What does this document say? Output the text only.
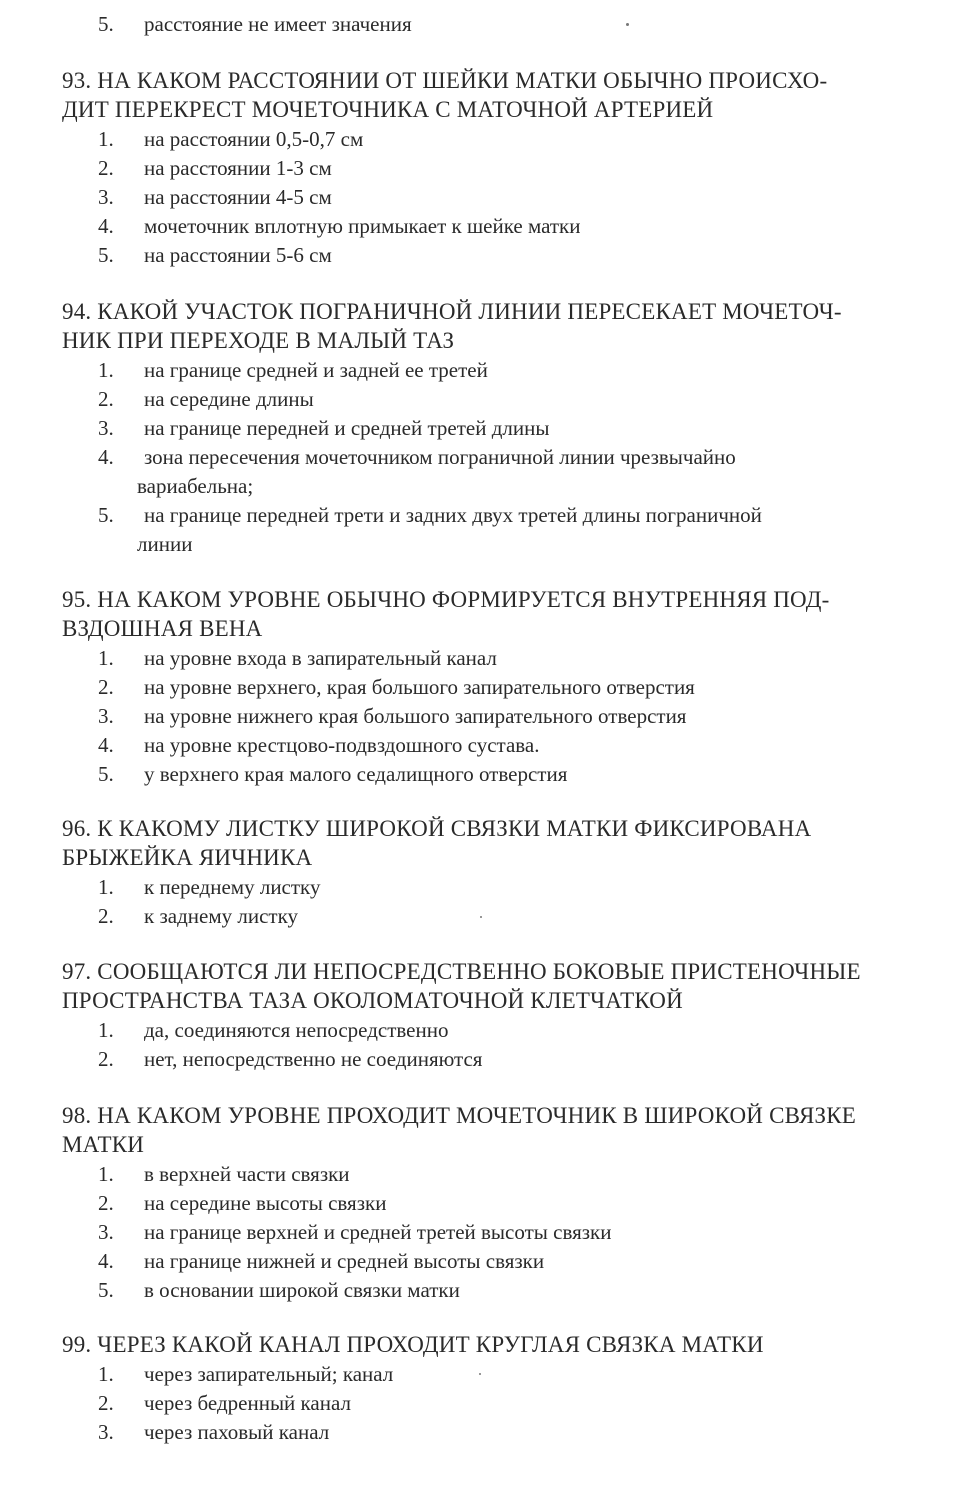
5. расстояние не имеет значения
93. НА КАКОМ РАССТОЯНИИ ОТ ШЕЙКИ МАТКИ ОБЫЧНО ПРОИСХО-
ДИТ ПЕРЕКРЕСТ МОЧЕТОЧНИКА С МАТОЧНОЙ АРТЕРИЕЙ
1. на расстоянии 0,5-0,7 см
2. на расстоянии 1-3 см
3. на расстоянии 4-5 см
4. мочеточник вплотную примыкает к шейке матки
5. на расстоянии 5-6 см
94. КАКОЙ УЧАСТОК ПОГРАНИЧНОЙ ЛИНИИ ПЕРЕСЕКАЕТ МОЧЕТОЧ-
НИК ПРИ ПЕРЕХОДЕ В МАЛЫЙ ТАЗ
1. на границе средней и задней ее третей
2. на середине длины
3. на границе передней и средней третей длины
4. зона пересечения мочеточником пограничной линии чрезвычайно
вариабельна;
5. на границе передней трети и задних двух третей длины пограничной
линии
95. НА КАКОМ УРОВНЕ ОБЫЧНО ФОРМИРУЕТСЯ ВНУТРЕННЯЯ ПОД-
ВЗДОШНАЯ ВЕНА
1. на уровне входа в запирательный канал
2. на уровне верхнего, края большого запирательного отверстия
3. на уровне нижнего края большого запирательного отверстия
4. на уровне крестцово-подвздошного сустава.
5. у верхнего края малого седалищного отверстия
96. К КАКОМУ ЛИСТКУ ШИРОКОЙ СВЯЗКИ МАТКИ ФИКСИРОВАНА
БРЫЖЕЙКА ЯИЧНИКА
1. к переднему листку
2. к заднему листку
97. СООБЩАЮТСЯ ЛИ НЕПОСРЕДСТВЕННО БОКОВЫЕ ПРИСТЕНОЧНЫЕ
ПРОСТРАНСТВА ТАЗА ОКОЛОМАТОЧНОЙ КЛЕТЧАТКОЙ
1. да, соединяются непосредственно
2. нет, непосредственно не соединяются
98. НА КАКОМ УРОВНЕ ПРОХОДИТ МОЧЕТОЧНИК В ШИРОКОЙ СВЯЗКЕ
МАТКИ
1. в верхней части связки
2. на середине высоты связки
3. на границе верхней и средней третей высоты связки
4. на границе нижней и средней высоты связки
5. в основании широкой связки матки
99. ЧЕРЕЗ КАКОЙ КАНАЛ ПРОХОДИТ КРУГЛАЯ СВЯЗКА МАТКИ
1. через запирательный; канал
2. через бедренный канал
3. через паховый канал
